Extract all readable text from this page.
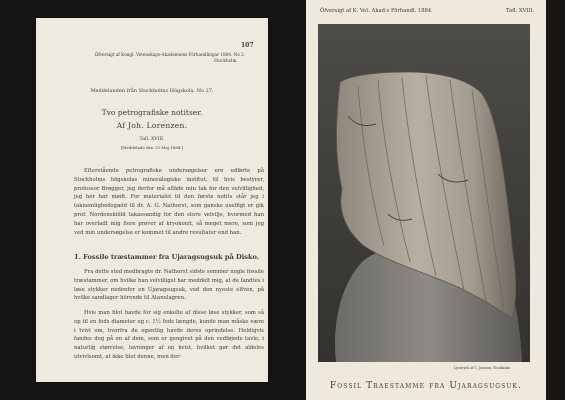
107
Öfversigt af Kongl. Vetenskaps-Akademiens Förhandlingar 1884. No 2.
Stockholm.
Meddelanden från Stockholms Högskola. No 27.
Tvo petrografiske notitser.
Af Joh. Lorenzen.
Tafl. XVIII.
[Meddelade den 13 Maj 1884.]

Efterstående petrografiske undersøgelser ere udførte på Stockholms högskolas mineralogiske institut, til hvis bestyrer, professor Brøgger, jeg derfor må afläde min tak for den velvillighed, jeg her har mødt. For materialet til den første notits står jeg i taknemlighedsgæld til dr. A. G. Nathorst, som ganske uselfigt er gik prof. Nordenskiöld takassandig for den store velvilje, hvormed han har overladt mig flere prøver af kryokonit, så meget mere, som jeg ved min undersøgelse er kommet til andre resultater end han.

1. Fossile træstammer fra Ujaragsugsuk på Disko.

Fra dette sted medbragte dr. Nathorst sidste sommer nogle fossile træstammer, om hvilke han velvilligst har meddelt mig, at de fandtes i løse stykker nedenfor en Ujaragsugsuk, ved den nyeste elfven, på hvilke sandlager hörende til Atanelagren.

Hvis man blot havde for sig enkelte af disse løse stykker, som så op til en fods diameter og c. 1½ fods længde, kunde man måske være i tvivl om, hvorfra de egentlig havde deres oprindelse. Heldigvis fandes dog på en af dem, som er gengivet på den vedføjede tavle, i naturlig størrelse, lavninger af en kvist, hvilket gør det aldeles utvivlsomt, at ikke blot denne, men der-

Öfversigt af K. Vet. Akad:s Förhandl. 1884.	Tafl. XVIII.
Ljustryck af G. Jonsson, Stockholm
Fossil Traestamme fra Ujaragsugsuk.
